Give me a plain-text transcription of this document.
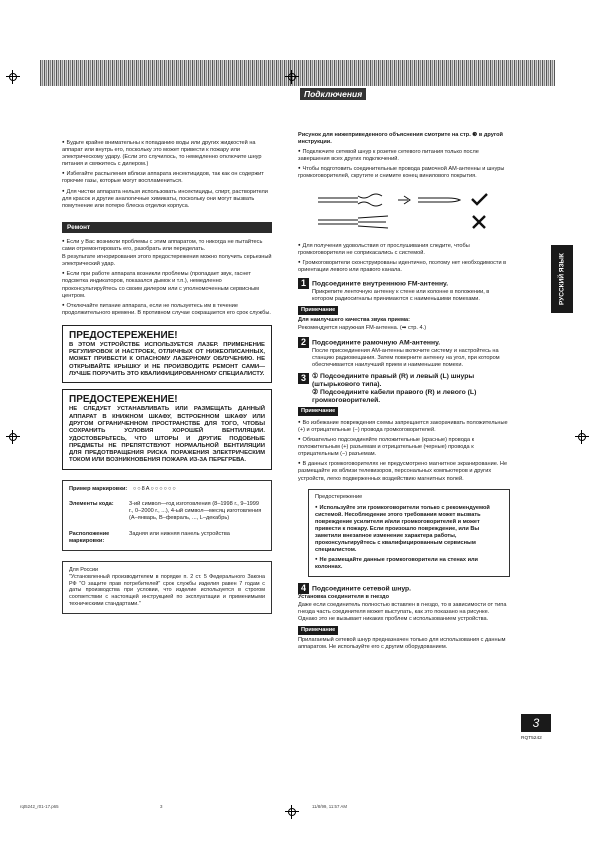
Подключения

● Будьте крайне внимательны к попаданию воды или других жидкостей на аппарат или внутрь его, поскольку это может привести к пожару или электрическому удару. (Если это случилось, то немедленно отключите шнур питания и свяжитесь с дилером.)

● Избегайте распыления вблизи аппарата инсектицидов, так как он содержит горючие газы, которые могут воспламениться.

● Для чистки аппарата нельзя использовать инсектициды, спирт, растворители для красок и другие аналогичные химикаты, поскольку они могут вызвать помутнение или потерю блеска отделки корпуса.

Ремонт

● Если у Вас возникли проблемы с этим аппаратом, то никогда не пытайтесь сами отремонтировать его, разобрать или переделать.

В результате игнорирования этого предостережения можно получить серьезный электрический удар.

● Если при работе аппарата возникли проблемы (пропадает звук, гаснет подсветка индикаторов, показался дымок и т.п.), немедленно проконсультируйтесь со своим дилером или с уполномоченным сервисным центром.

● Отключайте питание аппарата, если не пользуетесь им в течение продолжительного времени. В противном случае сокращается его срок службы.

ПРЕДОСТЕРЕЖЕНИЕ!
В ЭТОМ УСТРОЙСТВЕ ИСПОЛЬЗУЕТСЯ ЛАЗЕР. ПРИМЕНЕНИЕ РЕГУЛИРОВОК И НАСТРОЕК, ОТЛИЧНЫХ ОТ НИЖЕОПИСАННЫХ, МОЖЕТ ПРИВЕСТИ К ОПАСНОМУ ЛАЗЕРНОМУ ОБЛУЧЕНИЮ. НЕ ОТКРЫВАЙТЕ КРЫШКУ И НЕ ПРОИЗВОДИТЕ РЕМОНТ САМИ—ЛУЧШЕ ПОРУЧИТЬ ЭТО КВАЛИФИЦИРОВАННОМУ СПЕЦИАЛИСТУ.
ПРЕДОСТЕРЕЖЕНИЕ!
НЕ СЛЕДУЕТ УСТАНАВЛИВАТЬ ИЛИ РАЗМЕЩАТЬ ДАННЫЙ АППАРАТ В КНИЖНОМ ШКАФУ, ВСТРОЕННОМ ШКАФУ ИЛИ ДРУГОМ ОГРАНИЧЕННОМ ПРОСТРАНСТВЕ ДЛЯ ТОГО, ЧТОБЫ СОХРАНИТЬ УСЛОВИЯ ХОРОШЕЙ ВЕНТИЛЯЦИИ. УДОСТОВЕРЬТЕСЬ, ЧТО ШТОРЫ И ДРУГИЕ ПОДОБНЫЕ ПРЕДМЕТЫ НЕ ПРЕПЯТСТВУЮТ НОРМАЛЬНОЙ ВЕНТИЛЯЦИИ ДЛЯ ПРЕДОТВРАЩЕНИЯ РИСКА ПОРАЖЕНИЯ ЭЛЕКТРИЧЕСКИМ ТОКОМ ИЛИ ВОЗНИКНОВЕНИЯ ПОЖАРА ИЗ-ЗА ПЕРЕГРЕВА.
Пример маркировки: ○○8A○○○○○○
Элементы кода:	3-ий символ—год изготовления (8–1998 г., 9–1999 г., 0–2000 г., ...), 4-ый символ—месяц изготовления (A–январь, B–февраль, ..., L–декабрь)
Расположение маркировки:
Задняя или нижняя панель устройства
Для России
"Установленный производителем в порядке п. 2 ст. 5 Федерального Закона РФ "О защите прав потребителей" срок службы изделия равен 7 годам с даты производства при условии, что изделие используется в строгом соответствии с настоящей инструкцией по эксплуатации и применимыми техническими стандартами."

Рисунок для нижеприведенного объяснения смотрите на стр. ❸ в другой инструкции.

● Подключите сетевой шнур к розетке сетевого питания только после завершения всех других подключений.

● Чтобы подготовить соединительные провода рамочной АМ-антенны и шнуры громкоговорителей, скрутите и снимите конец винилового покрытия.

● Для получения удовольствия от прослушивания следите, чтобы громкоговорители не соприкасались с системой.

● Громкоговорители сконструированы идентично, поэтому нет необходимости в ориентации левого или правого канала.

1 Подсоедините внутреннюю FM-антенну.

Прикрепите ленточную антенну к стене или колонне в положении, в котором радиосигналы принимаются с наименьшими помехами.

Примечание

Для наилучшего качества звука приема:

Рекомендуется наружная FM-антенна. (➡ стр. 4.)

2 Подсоедините рамочную АМ-антенну.

После присоединения АМ-антенны включите систему и настройтесь на станцию радиовещания. Затем поверните антенну на угол, при котором обеспечивается наилучший прием и наименьшие помехи.

3 ① Подсоедините правый (R) и левый (L) шнуры (штырькового типа).
② Подсоедините кабели правого (R) и левого (L) громкоговорителей.
Примечание

● Во избежание повреждения схемы запрещается закорачивать положительные (+) и отрицательные (−) провода громкоговорителей.

● Обязательно подсоединяйте положительные (красные) провода к положительным (+) разъемам и отрицательные (черные) провода к отрицательным (−) разъемам.

● В данных громкоговорителях не предусмотрено магнитное экранирование. Не размещайте их вблизи телевизоров, персональных компьютеров и других устройств, легко подверженных воздействию магнитных полей.

Предостережение

● Используйте эти громкоговорители только с рекомендуемой системой. Несоблюдение этого требования может вызвать повреждение усилителя и/или громкоговорителей и может привести к пожару. Если произошло повреждение, или Вы заметили внезапное изменение характера работы, проконсультируйтесь с квалифицированным сервисным специалистом.

● Не размещайте данные громкоговорители на стенах или колоннах.

4 Подсоедините сетевой шнур.

Установка соединителя в гнездо

Даже если соединитель полностью вставлен в гнездо, то в зависимости от типа гнезда часть соединителя может выступать, как это показано на рисунке. Однако это не вызывает никаких проблем с использованием устройства.

Примечание

Прилагаемый сетевой шнур предназначен только для использования с данным аппаратом. Не используйте его с другим оборудованием.

РУССКИЙ ЯЗЫК
3
RQT5242
rqt5242_r01-17.p65	3	11/8/99, 11:57 AM
